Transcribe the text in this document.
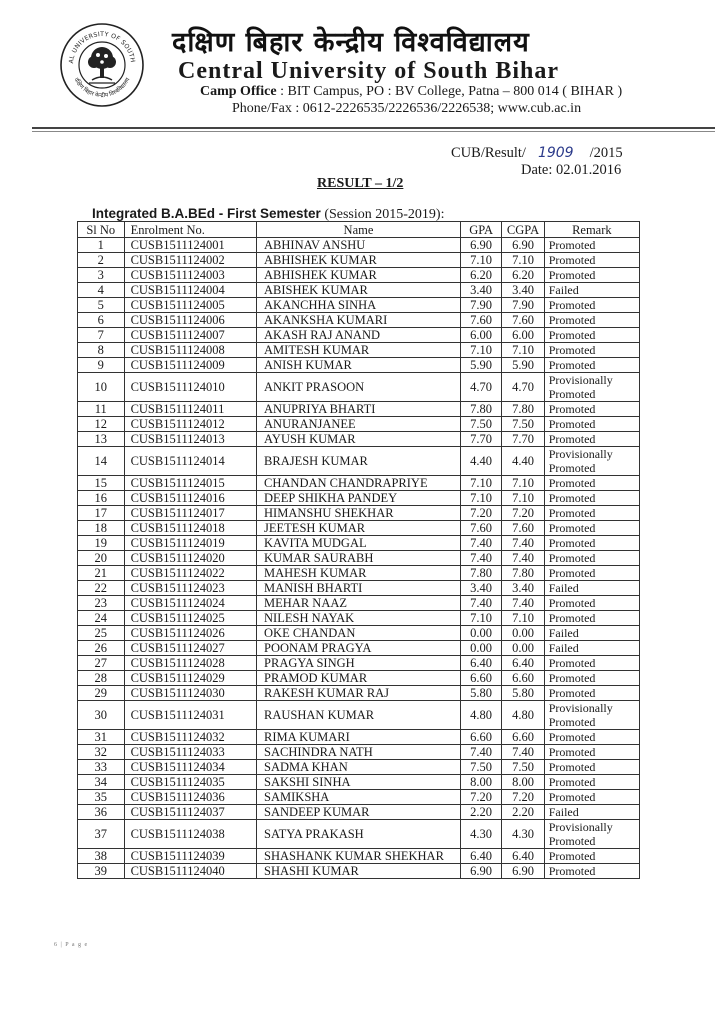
AL UNIVERSITY OF SOUTH
दक्षिण बिहार केन्द्रीय विश्वविद्यालय
दक्षिण बिहार केन्द्रीय विश्वविद्यालय
Central University of South Bihar
Camp Office : BIT Campus, PO : BV College, Patna – 800 014 ( BIHAR )
Phone/Fax : 0612-2226535/2226536/2226538; www.cub.ac.in
CUB/Result/ 1909 /2015
Date: 02.01.2016
RESULT – 1/2
Integrated B.A.BEd - First Semester (Session 2015-2019):
Sl No	Enrolment No.	Name	GPA	CGPA	Remark
1	CUSB1511124001	ABHINAV ANSHU	6.90	6.90	Promoted
2	CUSB1511124002	ABHISHEK KUMAR	7.10	7.10	Promoted
3	CUSB1511124003	ABHISHEK KUMAR	6.20	6.20	Promoted
4	CUSB1511124004	ABISHEK KUMAR	3.40	3.40	Failed
5	CUSB1511124005	AKANCHHA SINHA	7.90	7.90	Promoted
6	CUSB1511124006	AKANKSHA KUMARI	7.60	7.60	Promoted
7	CUSB1511124007	AKASH RAJ ANAND	6.00	6.00	Promoted
8	CUSB1511124008	AMITESH KUMAR	7.10	7.10	Promoted
9	CUSB1511124009	ANISH KUMAR	5.90	5.90	Promoted
10	CUSB1511124010	ANKIT PRASOON	4.70	4.70	Provisionally Promoted
11	CUSB1511124011	ANUPRIYA BHARTI	7.80	7.80	Promoted
12	CUSB1511124012	ANURANJANEE	7.50	7.50	Promoted
13	CUSB1511124013	AYUSH KUMAR	7.70	7.70	Promoted
14	CUSB1511124014	BRAJESH KUMAR	4.40	4.40	Provisionally Promoted
15	CUSB1511124015	CHANDAN CHANDRAPRIYE	7.10	7.10	Promoted
16	CUSB1511124016	DEEP SHIKHA PANDEY	7.10	7.10	Promoted
17	CUSB1511124017	HIMANSHU SHEKHAR	7.20	7.20	Promoted
18	CUSB1511124018	JEETESH KUMAR	7.60	7.60	Promoted
19	CUSB1511124019	KAVITA MUDGAL	7.40	7.40	Promoted
20	CUSB1511124020	KUMAR SAURABH	7.40	7.40	Promoted
21	CUSB1511124022	MAHESH KUMAR	7.80	7.80	Promoted
22	CUSB1511124023	MANISH BHARTI	3.40	3.40	Failed
23	CUSB1511124024	MEHAR NAAZ	7.40	7.40	Promoted
24	CUSB1511124025	NILESH NAYAK	7.10	7.10	Promoted
25	CUSB1511124026	OKE CHANDAN	0.00	0.00	Failed
26	CUSB1511124027	POONAM PRAGYA	0.00	0.00	Failed
27	CUSB1511124028	PRAGYA SINGH	6.40	6.40	Promoted
28	CUSB1511124029	PRAMOD KUMAR	6.60	6.60	Promoted
29	CUSB1511124030	RAKESH KUMAR RAJ	5.80	5.80	Promoted
30	CUSB1511124031	RAUSHAN KUMAR	4.80	4.80	Provisionally Promoted
31	CUSB1511124032	RIMA KUMARI	6.60	6.60	Promoted
32	CUSB1511124033	SACHINDRA NATH	7.40	7.40	Promoted
33	CUSB1511124034	SADMA KHAN	7.50	7.50	Promoted
34	CUSB1511124035	SAKSHI SINHA	8.00	8.00	Promoted
35	CUSB1511124036	SAMIKSHA	7.20	7.20	Promoted
36	CUSB1511124037	SANDEEP KUMAR	2.20	2.20	Failed
37	CUSB1511124038	SATYA PRAKASH	4.30	4.30	Provisionally Promoted
38	CUSB1511124039	SHASHANK KUMAR SHEKHAR	6.40	6.40	Promoted
39	CUSB1511124040	SHASHI KUMAR	6.90	6.90	Promoted
6 | P a g e
